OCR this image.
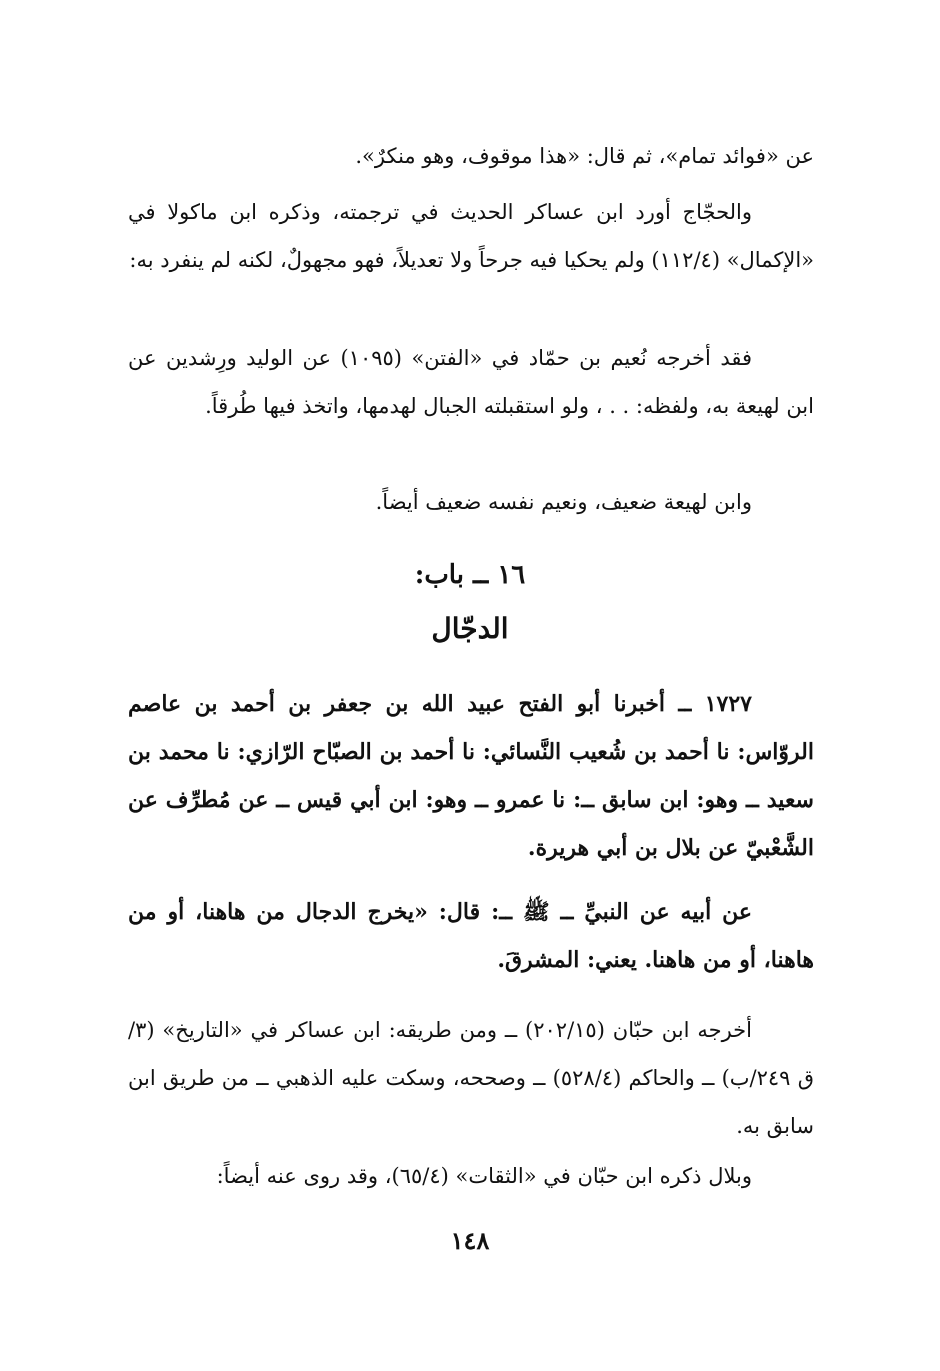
عن «فوائد تمام»، ثم قال: «هذا موقوف، وهو منكرٌ».

والحجّاج أورد ابن عساكر الحديث في ترجمته، وذكره ابن ماكولا في «الإكمال» (١١٢/٤) ولم يحكيا فيه جرحاً ولا تعديلاً، فهو مجهولٌ، لكنه لم ينفرد به:

فقد أخرجه نُعيم بن حمّاد في «الفتن» (١٠٩٥) عن الوليد ورِشدين عن ابن لهيعة به، ولفظه: . . ، ولو استقبلته الجبال لهدمها، واتخذ فيها طُرقاً.

وابن لهيعة ضعيف، ونعيم نفسه ضعيف أيضاً.

١٦ ــ باب:
الدجّال

١٧٢٧ ــ أخبرنا أبو الفتح عبيد الله بن جعفر بن أحمد بن عاصم الروّاس: نا أحمد بن شُعيب النَّسائي: نا أحمد بن الصبّاح الرّازي: نا محمد بن سعيد ــ وهو: ابن سابق ــ: نا عمرو ــ وهو: ابن أبي قيس ــ عن مُطرِّف عن الشَّعْبيّ عن بلال بن أبي هريرة.

عن أبيه عن النبيِّ ــ ﷺ ــ: قال: «يخرج الدجال من هاهنا، أو من هاهنا، أو من هاهنا. يعني: المشرقَ.

أخرجه ابن حبّان (٢٠٢/١٥) ــ ومن طريقه: ابن عساكر في «التاريخ» (٣/ق ٢٤٩/ب) ــ والحاكم (٥٢٨/٤) ــ وصححه، وسكت عليه الذهبي ــ من طريق ابن سابق به.

وبلال ذكره ابن حبّان في «الثقات» (٦٥/٤)، وقد روى عنه أيضاً:

١٤٨
